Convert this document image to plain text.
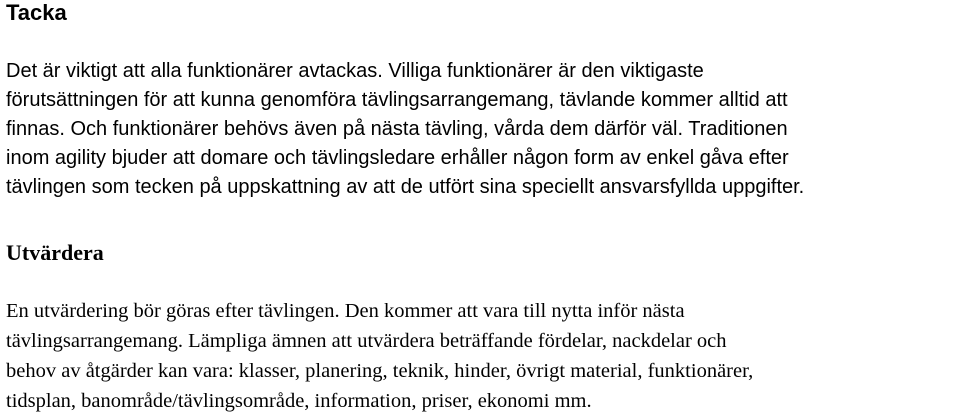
Tacka

Det är viktigt att alla funktionärer avtackas. Villiga funktionärer är den viktigaste
förutsättningen för att kunna genomföra tävlingsarrangemang, tävlande kommer alltid att
finnas. Och funktionärer behövs även på nästa tävling, vårda dem därför väl. Traditionen
inom agility bjuder att domare och tävlingsledare erhåller någon form av enkel gåva efter
tävlingen som tecken på uppskattning av att de utfört sina speciellt ansvarsfyllda uppgifter.

Utvärdera

En utvärdering bör göras efter tävlingen. Den kommer att vara till nytta inför nästa
tävlingsarrangemang. Lämpliga ämnen att utvärdera beträffande fördelar, nackdelar och
behov av åtgärder kan vara: klasser, planering, teknik, hinder, övrigt material, funktionärer,
tidsplan, banområde/tävlingsområde, information, priser, ekonomi mm.
